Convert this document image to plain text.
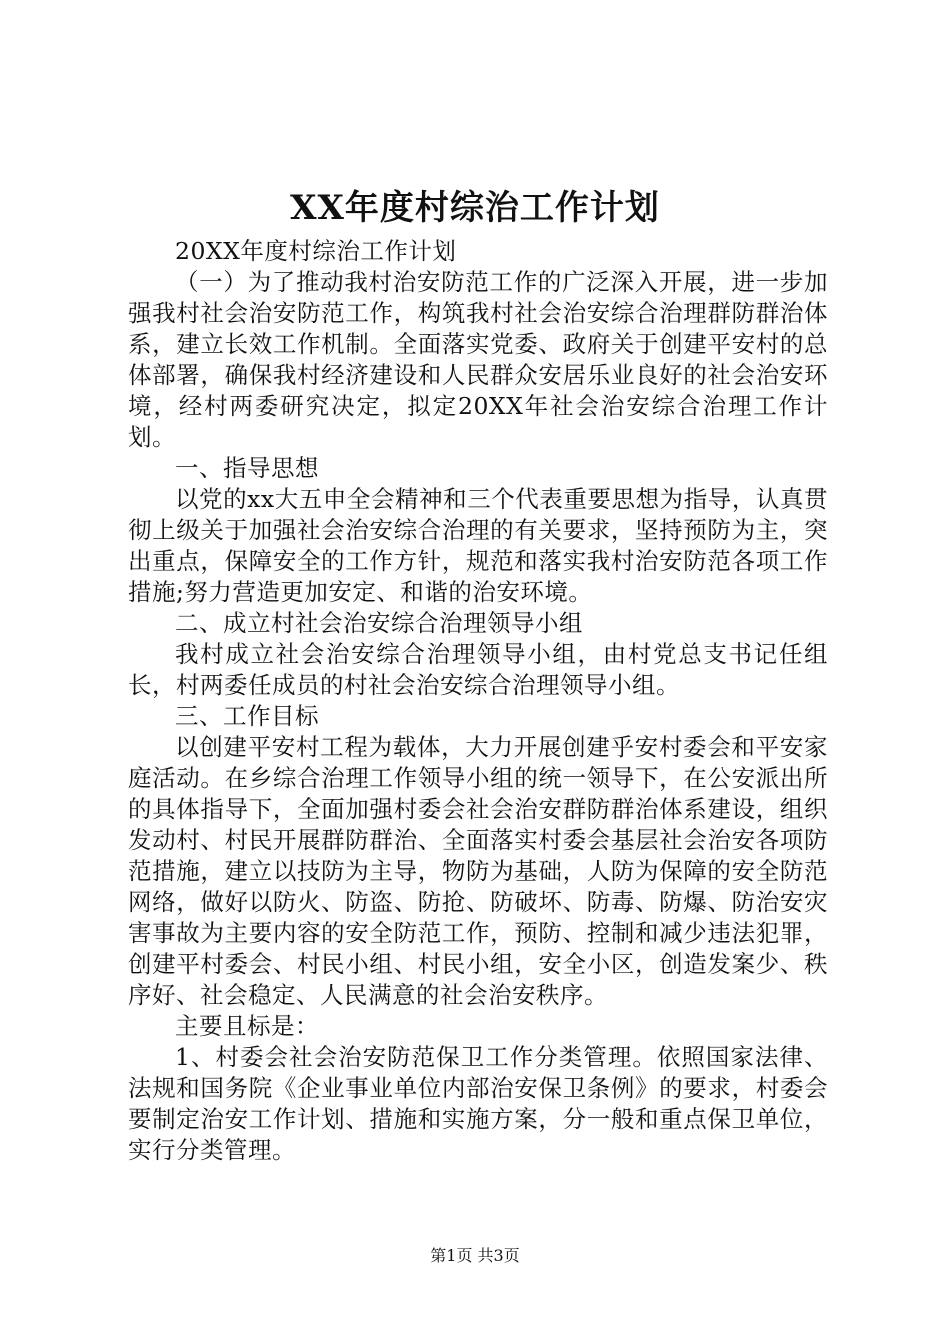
XX年度村综治工作计划

20XX年度村综治工作计划

（一）为了推动我村治安防范工作的广泛深入开展，进一步加强我村社会治安防范工作，构筑我村社会治安综合治理群防群治体系，建立长效工作机制。全面落实党委、政府关于创建平安村的总体部署，确保我村经济建设和人民群众安居乐业良好的社会治安环境，经村两委研究决定，拟定20XX年社会治安综合治理工作计划。

一、指导思想

以党的xx大五申全会精神和三个代表重要思想为指导，认真贯彻上级关于加强社会治安综合治理的有关要求，坚持预防为主，突出重点，保障安全的工作方针，规范和落实我村治安防范各项工作措施;努力营造更加安定、和谐的治安环境。

二、成立村社会治安综合治理领导小组

我村成立社会治安综合治理领导小组，由村党总支书记任组长，村两委任成员的村社会治安综合治理领导小组。

三、工作目标

以创建平安村工程为载体，大力开展创建乎安村委会和平安家庭活动。在乡综合治理工作领导小组的统一领导下，在公安派出所的具体指导下，全面加强村委会社会治安群防群治体系建设，组织发动村、村民开展群防群治、全面落实村委会基层社会治安各项防范措施，建立以技防为主导，物防为基础，人防为保障的安全防范网络，做好以防火、防盗、防抢、防破坏、防毒、防爆、防治安灾害事故为主要内容的安全防范工作，预防、控制和减少违法犯罪，创建平村委会、村民小组、村民小组，安全小区，创造发案少、秩序好、社会稳定、人民满意的社会治安秩序。

主要且标是：

1、村委会社会治安防范保卫工作分类管理。依照国家法律、法规和国务院《企业事业单位内部治安保卫条例》的要求，村委会要制定治安工作计划、措施和实施方案，分一般和重点保卫单位，实行分类管理。

第1页 共3页
